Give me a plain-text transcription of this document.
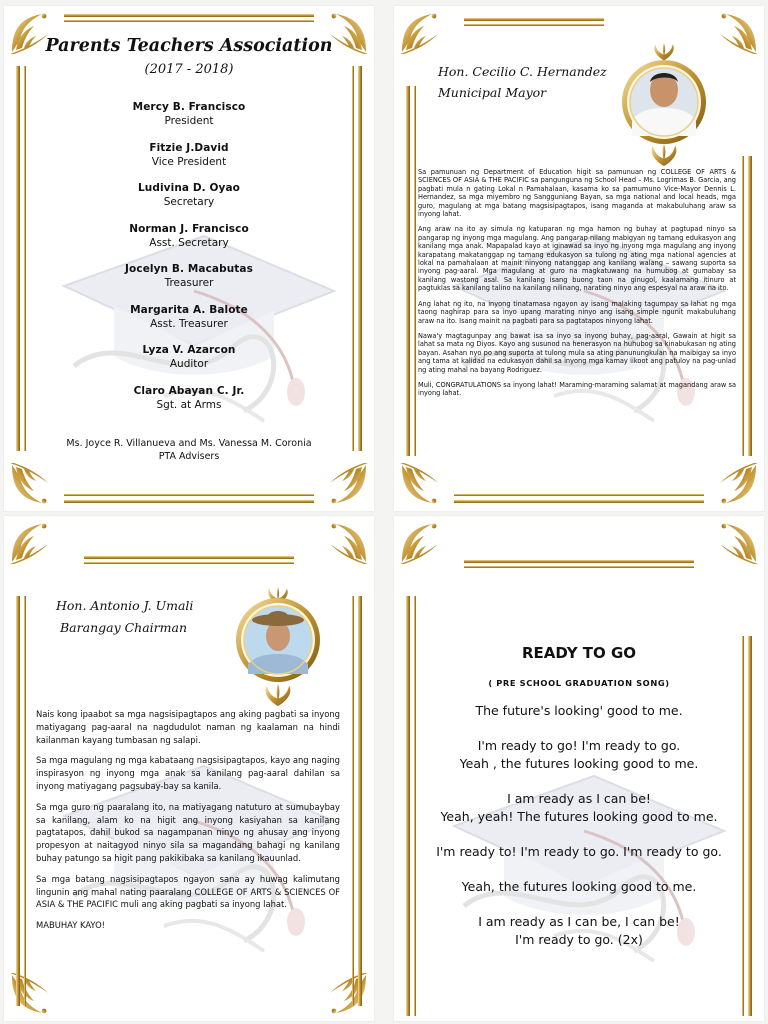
Parents Teachers Association
(2017 - 2018)
Mercy B. Francisco
President
Fitzie J.David
Vice President
Ludivina D. Oyao
Secretary
Norman J. Francisco
Asst. Secretary
Jocelyn B. Macabutas
Treasurer
Margarita A. Balote
Asst. Treasurer
Lyza V. Azarcon
Auditor
Claro Abayan C. Jr.
Sgt. at Arms
Ms. Joyce R. Villanueva and Ms. Vanessa M. Coronia
PTA Advisers
Hon. Cecilio C. Hernandez
Municipal Mayor

Sa pamunuan ng Department of Education higit sa pamunuan ng COLLEGE OF ARTS & SCIENCES OF ASIA & THE PACIFIC sa pangunguna ng School Head – Ms. Logrimas B. Garcia, ang pagbati mula n gating Lokal n Pamahalaan, kasama ko sa pamumuno Vice-Mayor Dennis L. Hernandez, sa mga miyembro ng Sangguniang Bayan, sa mga national and local heads, mga guro, magulang at mga batang magsisipagtapos, isang maganda at makabuluhang araw sa inyong lahat.

Ang araw na ito ay simula ng katuparan ng mga hamon ng buhay at pagtupad ninyo sa pangarap ng inyong mga magulang. Ang pangarap nilang mabigyan ng tamang edukasyon ang kanilang mga anak. Mapapalad kayo at iginawad sa inyo ng inyong mga magulang ang inyong karapatang makatanggap ng tamang edukasyon sa tulong ng ating mga national agencies at lokal na pamahalaan at mainit ninyong natanggap ang kanilang walang – sawang suporta sa inyong pag-aaral. Mga magulang at guro na magkatuwang na humubog at gumabay sa kanilang wastong asal. Sa kanilang isang buong taon na ginugol, kaalamang itinuro at pagtuklas sa kanilang talino na kanilang nilinang, narating ninyo ang espesyal na araw na ito.

Ang lahat ng ito, na inyong tinatamasa ngayon ay isang malaking tagumpay sa lahat ng mga taong naghirap para sa inyo upang marating ninyo ang isang simple ngunit makabuluhang araw na ito. Isang mainit na pagbati para sa pagtatapos ninyong lahat.

Nawa'y magtagunpay ang bawat isa sa inyo sa inyong buhay, pag-aaral, Gawain at higit sa lahat sa mata ng Diyos. Kayo ang susunod na henerasyon na huhubog sa kinabukasan ng ating bayan. Asahan nyo po ang suporta at tulong mula sa ating panunungkulan na maibigay sa inyo ang tama at kalidad na edukasyon dahil sa inyong mga kamay iikoot ang patuloy na pag-unlad ng ating mahal na bayang Rodriguez.

Muli, CONGRATULATIONS sa inyong lahat! Maraming-maraming salamat at magandang araw sa inyong lahat.

Hon. Antonio J. Umali
Barangay Chairman

Nais kong ipaabot sa mga nagsisipagtapos ang aking pagbati sa inyong matiyagang pag-aaral na nagdudulot naman ng kaalaman na hindi kailanman kayang tumbasan ng salapi.

Sa mga magulang ng mga kabataang nagsisipagtapos, kayo ang naging inspirasyon ng inyong mga anak sa kanilang pag-aaral dahilan sa inyong matiyagang pagsubay-bay sa kanila.

Sa mga guro ng paaralang ito, na matiyagang natuturo at sumubaybay sa kanilang, alam ko na higit ang inyong kasiyahan sa kanilang pagtatapos, dahil bukod sa nagampanan ninyo ng ahusay ang inyong propesyon at naitagyod ninyo sila sa magandang bahagi ng kanilang buhay patungo sa higit pang pakikibaka sa kanilang ikauunlad.

Sa mga batang nagsisipagtapos ngayon sana ay huwag kalimutang lingunin ang mahal nating paaralang COLLEGE OF ARTS & SCIENCES OF ASIA & THE PACIFIC muli ang aking pagbati sa inyong lahat.

MABUHAY KAYO!

READY TO GO
( PRE SCHOOL GRADUATION SONG)
The future's looking' good to me.
I'm ready to go! I'm ready to go.
Yeah , the futures looking good to me.
I am ready as I can be!
Yeah, yeah! The futures looking good to me.
I'm ready to! I'm ready to go. I'm ready to go.
Yeah, the futures looking good to me.
I am ready as I can be, I can be!
I'm ready to go. (2x)
